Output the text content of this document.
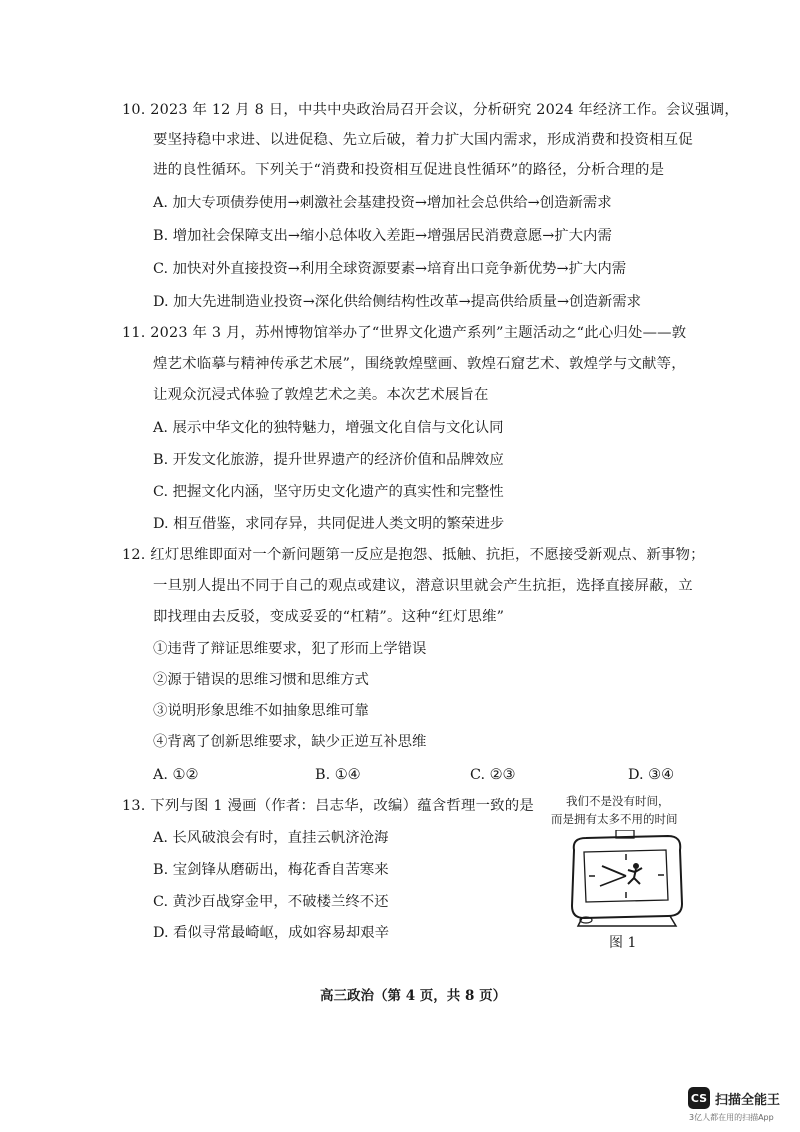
10. 2023 年 12 月 8 日，中共中央政治局召开会议，分析研究 2024 年经济工作。会议强调，
要坚持稳中求进、以进促稳、先立后破，着力扩大国内需求，形成消费和投资相互促
进的良性循环。下列关于“消费和投资相互促进良性循环”的路径，分析合理的是
A. 加大专项债券使用→刺激社会基建投资→增加社会总供给→创造新需求
B. 增加社会保障支出→缩小总体收入差距→增强居民消费意愿→扩大内需
C. 加快对外直接投资→利用全球资源要素→培育出口竞争新优势→扩大内需
D. 加大先进制造业投资→深化供给侧结构性改革→提高供给质量→创造新需求
11. 2023 年 3 月，苏州博物馆举办了“世界文化遗产系列”主题活动之“此心归处——敦
煌艺术临摹与精神传承艺术展”，围绕敦煌壁画、敦煌石窟艺术、敦煌学与文献等，
让观众沉浸式体验了敦煌艺术之美。本次艺术展旨在
A. 展示中华文化的独特魅力，增强文化自信与文化认同
B. 开发文化旅游，提升世界遗产的经济价值和品牌效应
C. 把握文化内涵，坚守历史文化遗产的真实性和完整性
D. 相互借鉴，求同存异，共同促进人类文明的繁荣进步
12. 红灯思维即面对一个新问题第一反应是抱怨、抵触、抗拒，不愿接受新观点、新事物；
一旦别人提出不同于自己的观点或建议，潜意识里就会产生抗拒，选择直接屏蔽，立
即找理由去反驳，变成妥妥的“杠精”。这种“红灯思维”
①违背了辩证思维要求，犯了形而上学错误
②源于错误的思维习惯和思维方式
③说明形象思维不如抽象思维可靠
④背离了创新思维要求，缺少正逆互补思维
A. ①②	B. ①④	C. ②③	D. ③④
13. 下列与图 1 漫画（作者：吕志华，改编）蕴含哲理一致的是
A. 长风破浪会有时，直挂云帆济沧海
B. 宝剑锋从磨砺出，梅花香自苦寒来
C. 黄沙百战穿金甲，不破楼兰终不还
D. 看似寻常最崎岖，成如容易却艰辛
我们不是没有时间，
而是拥有太多不用的时间
图 1
高三政治（第 4 页，共 8 页）
CS 扫描全能王
3亿人都在用的扫描App
